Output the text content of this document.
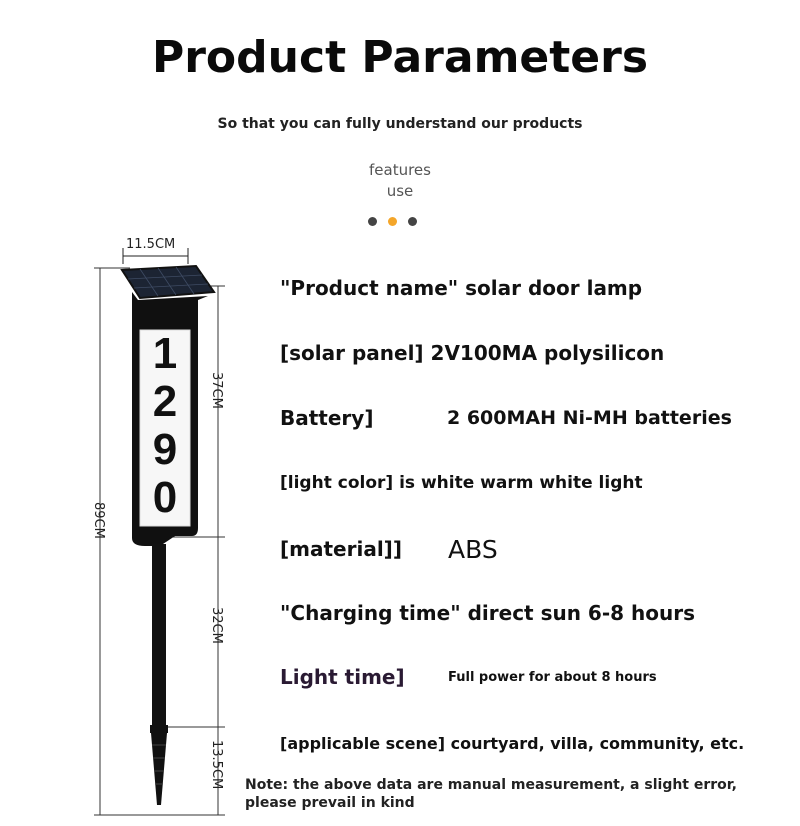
Product Parameters
So that you can fully understand our products
features
use
1
2
9
0
11.5CM
89CM
37CM
32CM
13.5CM
"Product name" solar door lamp
[solar panel] 2V100MA polysilicon
Battery]	2 600MAH Ni-MH batteries
[light color] is white warm white light
[material]] ABS
"Charging time" direct sun 6-8 hours
Light time]	Full power for about 8 hours
[applicable scene] courtyard, villa, community, etc.
Note: the above data are manual measurement, a slight error, please prevail in kind
